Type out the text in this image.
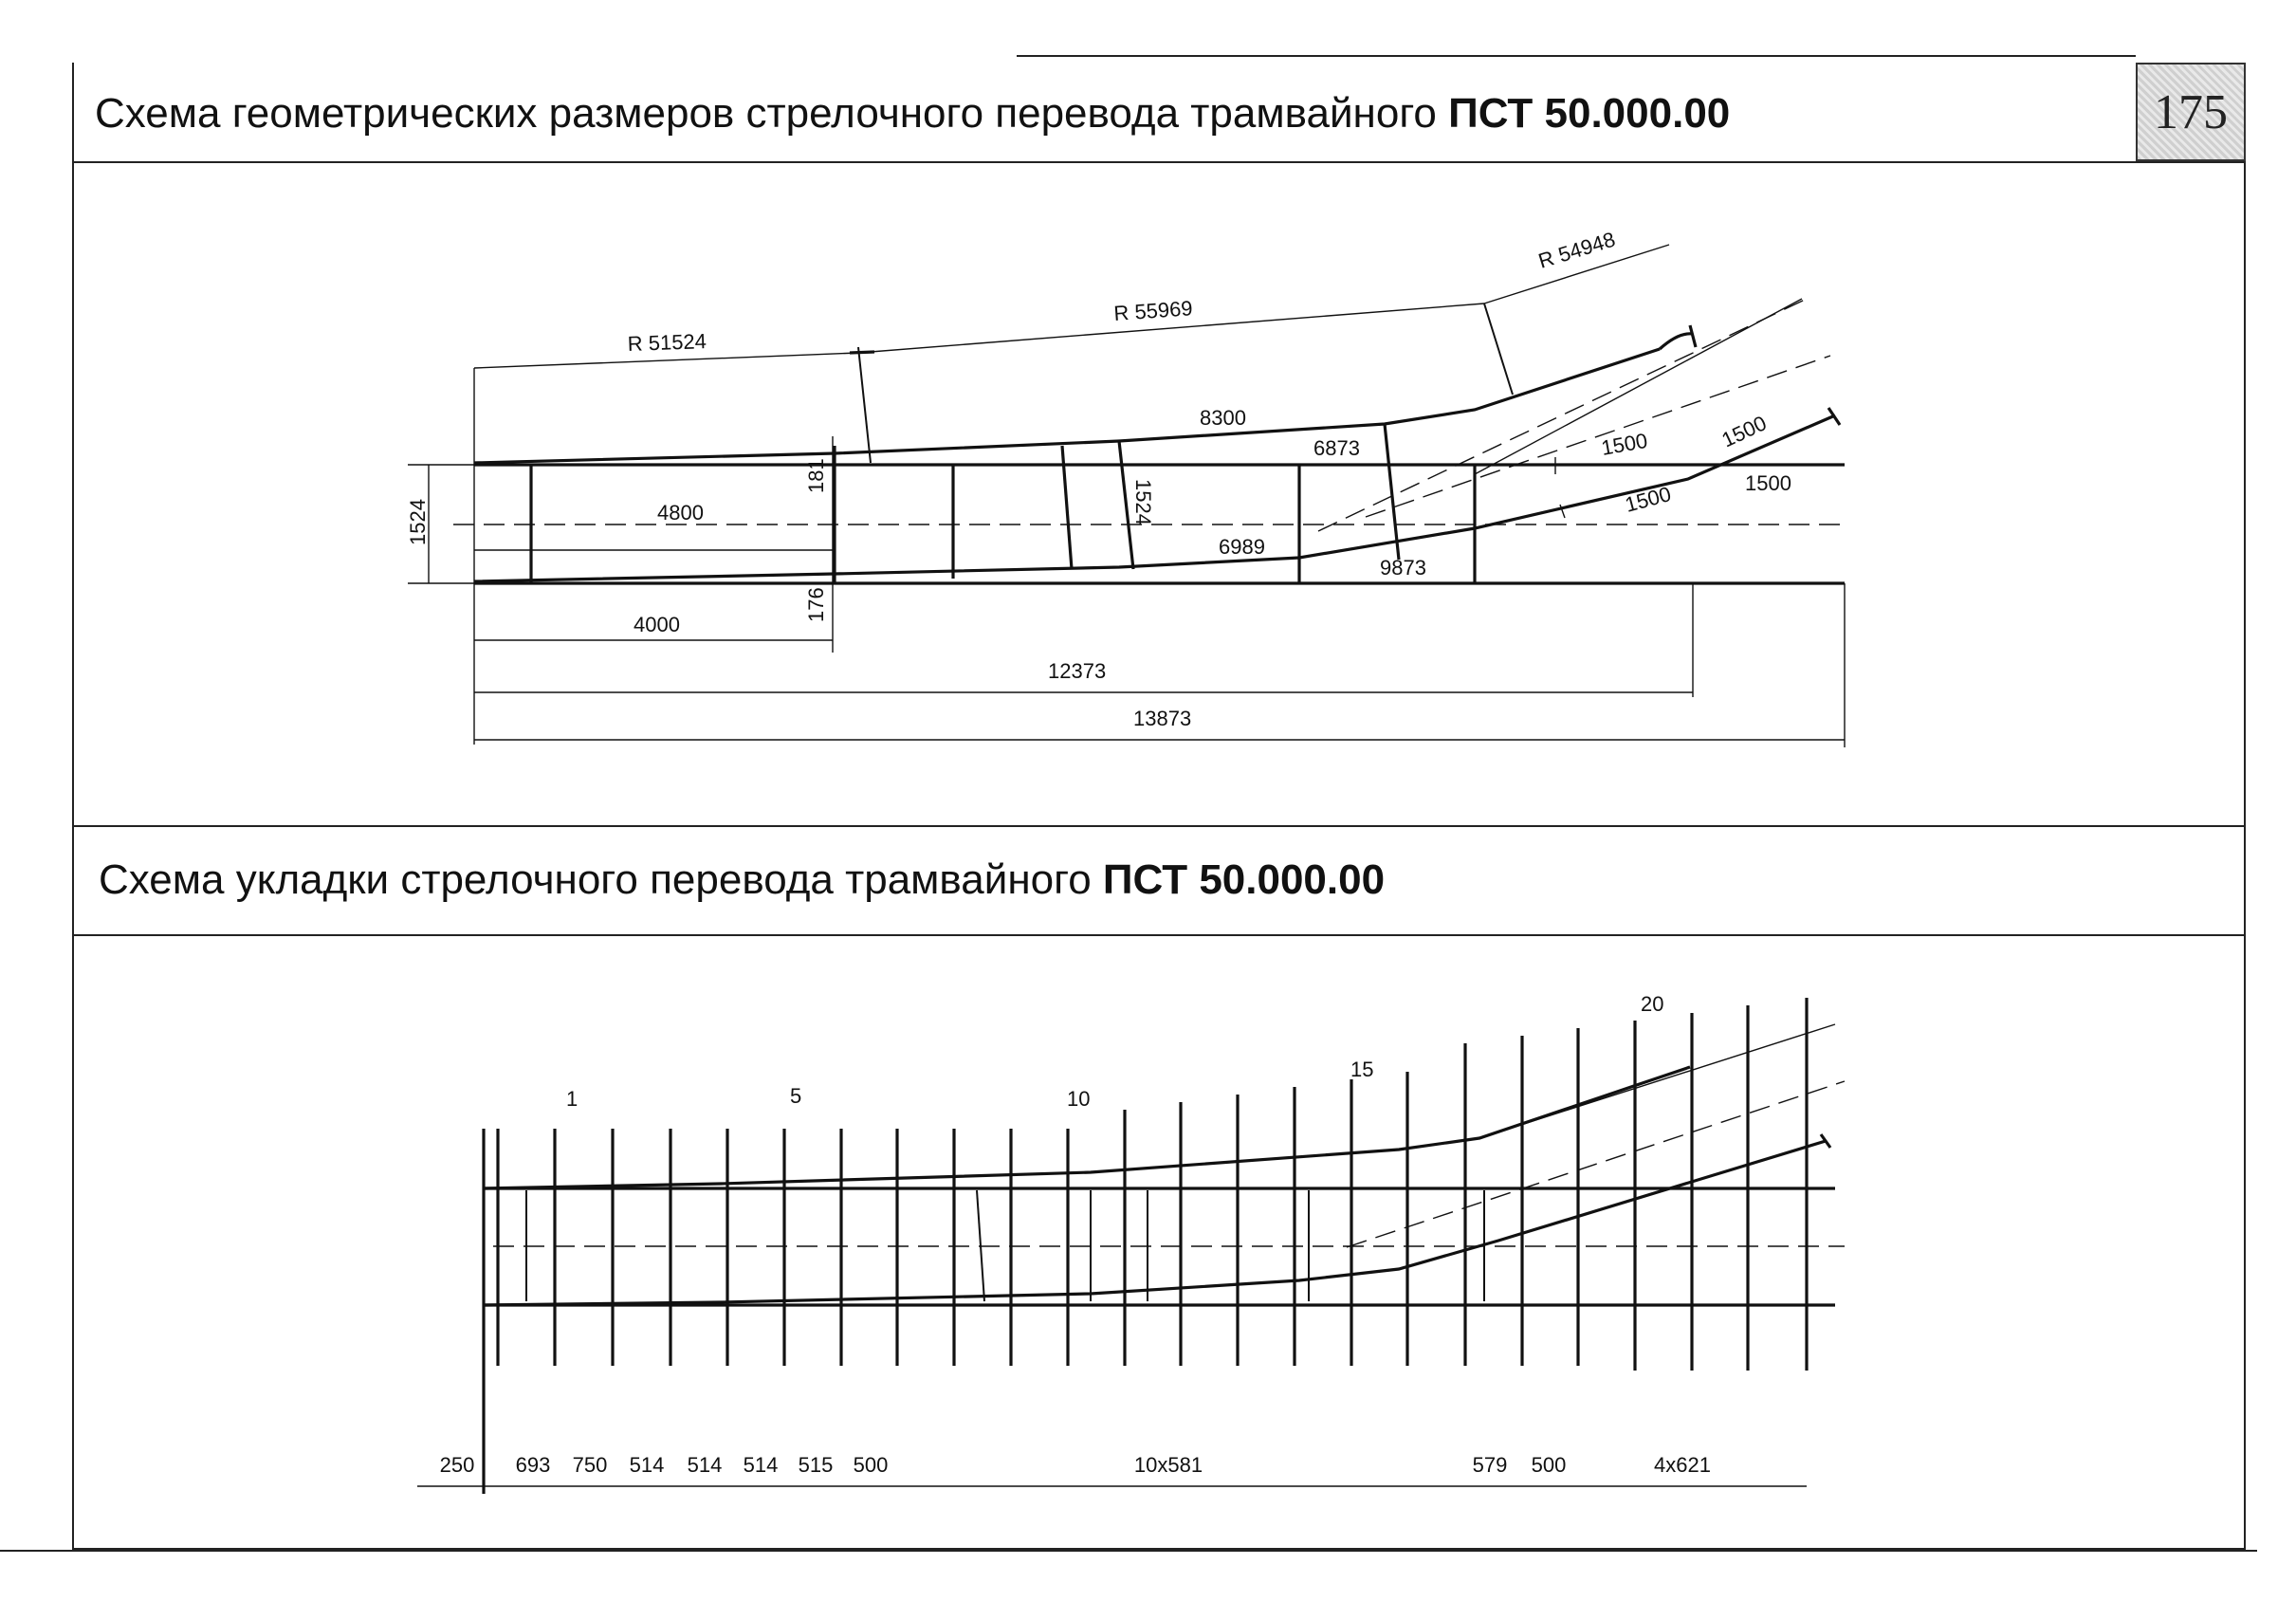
Схема геометрических размеров стрелочного перевода трамвайного ПСТ 50.000.00	175
Схема укладки стрелочного перевода трамвайного ПСТ 50.000.00
R 51524
R 55969
R 54948
8300
6873
6989
9873
1500	1500
1500
1500
4800
4000
181
176
1524	1524
12373
13873
1	5	10
15
20
250 693 750 514 514 514 515 500	10x581	579 500	4x621
